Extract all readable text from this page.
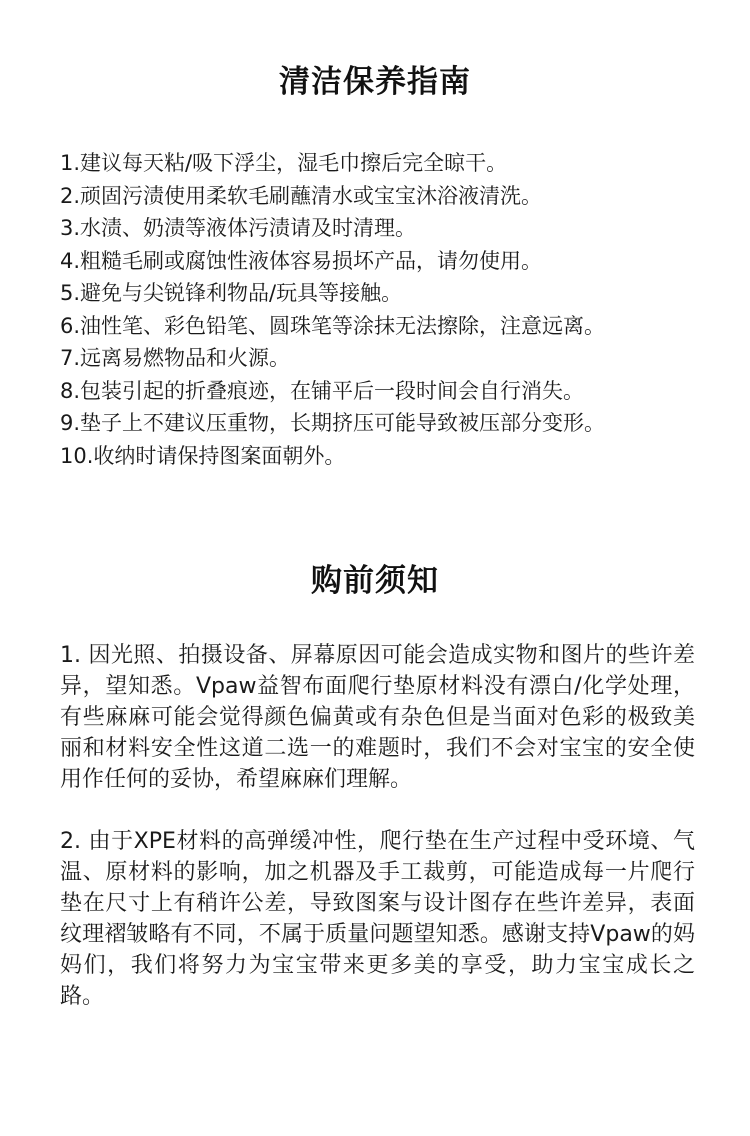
清洁保养指南
1.建议每天粘/吸下浮尘，湿毛巾擦后完全晾干。
2.顽固污渍使用柔软毛刷蘸清水或宝宝沐浴液清洗。
3.水渍、奶渍等液体污渍请及时清理。
4.粗糙毛刷或腐蚀性液体容易损坏产品，请勿使用。
5.避免与尖锐锋利物品/玩具等接触。
6.油性笔、彩色铅笔、圆珠笔等涂抹无法擦除，注意远离。
7.远离易燃物品和火源。
8.包装引起的折叠痕迹，在铺平后一段时间会自行消失。
9.垫子上不建议压重物，长期挤压可能导致被压部分变形。
10.收纳时请保持图案面朝外。
购前须知

1. 因光照、拍摄设备、屏幕原因可能会造成实物和图片的些许差异，望知悉。Vpaw益智布面爬行垫原材料没有漂白/化学处理，有些麻麻可能会觉得颜色偏黄或有杂色但是当面对色彩的极致美丽和材料安全性这道二选一的难题时，我们不会对宝宝的安全使用作任何的妥协，希望麻麻们理解。

2. 由于XPE材料的高弹缓冲性，爬行垫在生产过程中受环境、气温、原材料的影响，加之机器及手工裁剪，可能造成每一片爬行垫在尺寸上有稍许公差，导致图案与设计图存在些许差异，表面纹理褶皱略有不同，不属于质量问题望知悉。感谢支持Vpaw的妈妈们，我们将努力为宝宝带来更多美的享受，助力宝宝成长之路。
